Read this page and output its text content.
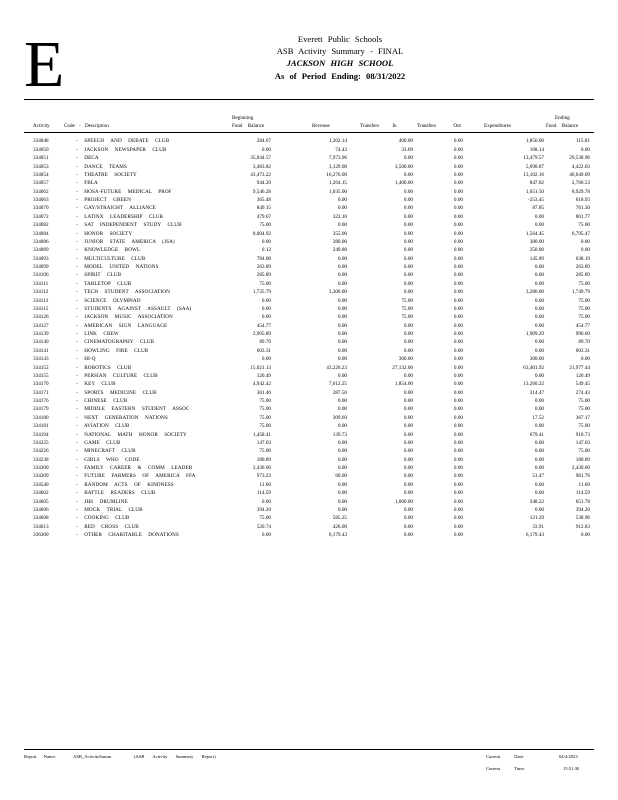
E	Everett Public Schools
ASB Activity Summary - FINAL
JACKSON HIGH SCHOOL
As of Period Ending: 08/31/2022
Activity	Code - Description
Beginning
Fund Balance	Revenue	Transfers In	Transfers Out	Expenditures
Ending
Fund Balance
334048	- SPEECH AND DEBATE CLUB	284.67	1,202.14	400.00	0.00	1,856.00	115.81
334050	- JACKSON NEWSPAPER CLUB	0.00	74.43	33.69	0.00	108.14	0.00
334051	- DECA	35,044.57	7,973.96	0.00	0.00	13,479.57	29,538.96
334053	- DANCE TEAMS	3,483.82	3,129.08	3,500.00	0.00	5,690.87	4,422.03
334054	- THEATRE SOCIETY	43,473.22	16,276.00	0.00	0.00	13,102.16	46,649.09
334057	- FBLA	944.20	1,264.15	1,400.00	0.00	847.82	2,760.53
334062	- HOSA-FUTURE MEDICAL PROF	9,546.28	1,035.00	0.00	0.00	1,651.50	8,929.78
334063	- PROJECT GREEN	365.48	0.00	0.00	0.00	-253.45	618.93
334070	- GAY/STRAIGHT ALLIANCE	849.15	0.00	0.00	0.00	87.85	761.30
334072	- LATINX LEADERSHIP CLUB	479.67	322.10	0.00	0.00	0.00	801.77
334082	- SAT INDEPENDENT STUDY CLUB	75.00	0.00	0.00	0.00	0.00	75.00
334084	- HONOR SOCIETY	8,004.92	355.00	0.00	0.00	1,564.45	6,795.47
334086	- JUNIOR STATE AMERICA (JSA)	0.00	380.00	0.00	0.00	380.00	0.00
334089	- KNOWLEDGE BOWL	0.12	249.88	0.00	0.00	250.00	0.00
334093	- MULTICULTURE CLUB	784.08	0.00	0.00	0.00	145.89	638.19
334099	- MODEL UNITED NATIONS	263.89	0.00	0.00	0.00	0.00	263.89
334106	- SPIRIT CLUB	285.89	0.00	0.00	0.00	0.00	285.89
334111	- TABLETOP CLUB	75.00	0.00	0.00	0.00	0.00	75.00
334112	- TECH STUDENT ASSOCIATION	1,735.79	3,300.00	0.00	0.00	3,286.00	1,749.79
334113	- SCIENCE OLYMPIAD	0.00	0.00	75.00	0.00	0.00	75.00
334115	- STUDENTS AGAINST ASSAULT (SAA)	0.00	0.00	75.00	0.00	0.00	75.00
334126	- JACKSON MUSIC ASSOCIATION	0.00	0.00	75.00	0.00	0.00	75.00
334127	- AMERICAN SIGN LANGUAGE	454.77	0.00	0.00	0.00	0.00	454.77
334139	- LINK CREW	2,905.89	0.00	0.00	0.00	1,909.29	996.60
334140	- CINEMATOGRAPHY CLUB	89.70	0.00	0.00	0.00	0.00	89.70
334141	- HOWLING FIRE CLUB	603.31	0.00	0.00	0.00	0.00	603.31
334143	- HI-Q	0.00	0.00	300.00	0.00	300.00	0.00
334152	- ROBOTICS CLUB	15,021.13	43,226.23	27,132.00	0.00	63,401.92	21,977.44
334155	- PERSIAN CULTURE CLUB	120.49	0.00	0.00	0.00	0.00	120.49
334170	- KEY CLUB	4,942.42	7,012.25	1,854.00	0.00	13,260.22	549.45
334171	- SPORTS MEDICINE CLUB	301.40	287.50	0.00	0.00	314.47	274.43
334176	- CHINESE CLUB	75.00	0.00	0.00	0.00	0.00	75.00
334179	- MIDDLE EASTERN STUDENT ASSOC	75.00	0.00	0.00	0.00	0.00	75.00
334180	- NEXT GENERATION NATIONS	75.00	309.69	0.00	0.00	17.52	367.17
334181	- AVIATION CLUB	75.00	0.00	0.00	0.00	0.00	75.00
334194	- NATIONAL MATH HONOR SOCIETY	1,458.41	139.73	0.00	0.00	679.41	918.73
334225	- GAME CLUB	147.03	0.00	0.00	0.00	0.00	147.03
334226	- MINECRAFT CLUB	75.00	0.00	0.00	0.00	0.00	75.00
334238	- GIRLS WHO CODE	180.89	0.00	0.00	0.00	0.00	180.89
334300	- FAMILY CAREER & COMM LEADER	2,430.60	0.00	0.00	0.00	0.00	2,430.60
334309	- FUTURE FARMERS OF AMERICA FFA	973.23	60.00	0.00	0.00	51.47	981.76
334540	- RANDOM ACTS OF KINDNESS	11.60	0.00	0.00	0.00	0.00	11.60
334602	- BATTLE READERS CLUB	114.59	0.00	0.00	0.00	0.00	114.59
334605	- JHS DRUMLINE	0.00	0.00	1,000.00	0.00	348.22	651.78
334606	- MOCK TRIAL CLUB	394.20	0.00	0.00	0.00	0.00	394.20
334608	- COOKING CLUB	75.00	585.25	0.00	0.00	121.29	538.96
334613	- RED CROSS CLUB	520.74	426.00	0.00	0.00	33.91	912.83
336300	- OTHER CHARITABLE DONATIONS	0.00	6,179.43	0.00	0.00	6,179.43	0.00
Report Name:	ASB_ActivitySumm	(ASB Activity Summary Report)	Current Date:	04/4/2023
Current Time:	15:51:30
